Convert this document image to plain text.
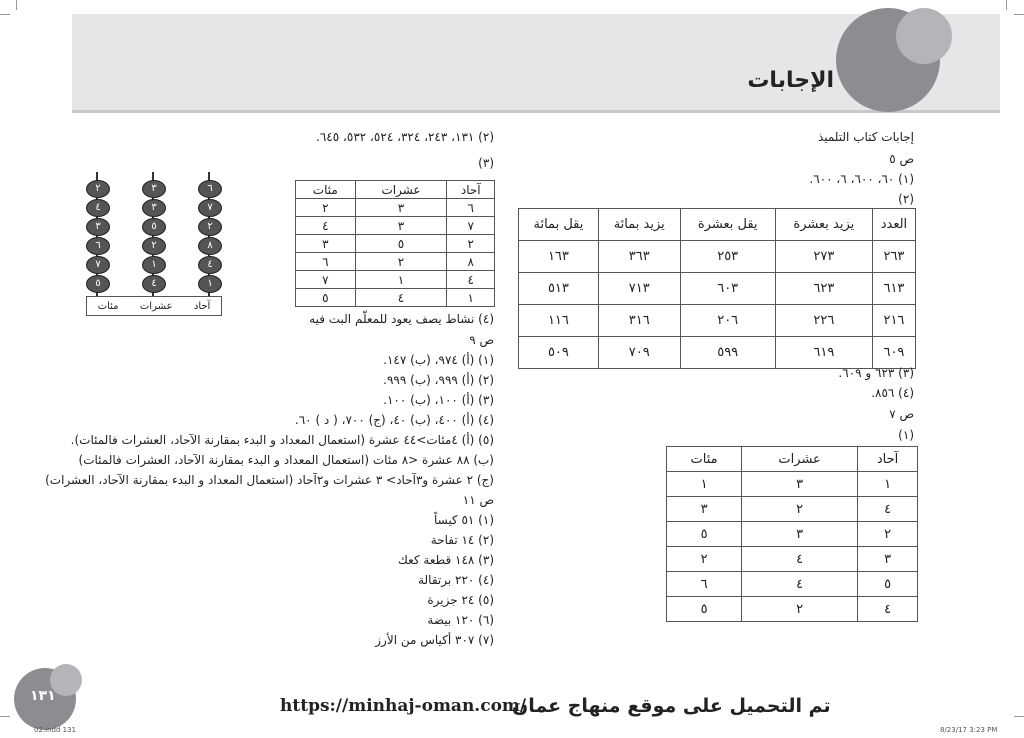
الإجابات
إجابات كتاب التلميذ
ص ٥
(١) ٦٠، ٦٠٠، ٦، ٦٠٠.
(٢)
العدد	يزيد بعشرة	يقل بعشرة	يزيد بمائة	يقل بمائة
٢٦٣	٢٧٣	٢٥٣	٣٦٣	١٦٣
٦١٣	٦٢٣	٦٠٣	٧١٣	٥١٣
٢١٦	٢٢٦	٢٠٦	٣١٦	١١٦
٦٠٩	٦١٩	٥٩٩	٧٠٩	٥٠٩
(٣) ٦٢٣ و ٦٠٩.
(٤) ٨٥٦.
ص ٧
(١)
آحاد	عشرات	مئات
١	٣	١
٤	٢	٣
٢	٣	٥
٣	٤	٢
٥	٤	٦
٤	٢	٥
(٢) ١٣١، ٢٤٣، ٣٢٤، ٥٢٤، ٥٣٢، ٦٤٥.
(٣)
آحاد	عشرات	مئات
٦	٣	٢
٧	٣	٤
٢	٥	٣
٨	٢	٦
٤	١	٧
١	٤	٥
٢
٤
٣
٦
٧
٥
٣
٣
٥
٢
١
٤
٦
٧
٢
٨
٤
١
آحاد
عشرات
مئات
(٤) نشاط يصف يعود للمعلّم البت فيه
ص ٩
(١) (أ) ٩٧٤، (ب) ١٤٧.
(٢) (أ) ٩٩٩، (ب) ٩٩٩.
(٣) (أ) ١٠٠، (ب) ١٠٠.
(٤) (أ) ٤٠٠، (ب) ٤٠، (ج) ٧٠٠، ( د ) ٦٠.
(٥) (أ) ٤مئات>٤٤ عشرة (استعمال المعداد و البدء بمقارنة الآحاد، العشرات فالمئات).
(ب) ٨٨ عشرة <٨ مئات (استعمال المعداد و البدء بمقارنة الآحاد، العشرات فالمئات)
(ج) ٢ عشرة و٣آحاد> ٣ عشرات و٢آحاد (استعمال المعداد و البدء بمقارنة الآحاد، العشرات)
ص ١١
(١) ٥١ كيساً
(٢) ١٤ تفاحة
(٣) ١٤٨ قطعة كعك
(٤) ٢٢٠ برتقالة
(٥) ٢٤ جزيرة
(٦) ١٢٠ بيضة
(٧) ٣٠٧ أكياس من الأرز
١٣١	https://minhaj-oman.com/
تم التحميل على موقع منهاج عمان
02.indd 131	8/23/17 3:23 PM
